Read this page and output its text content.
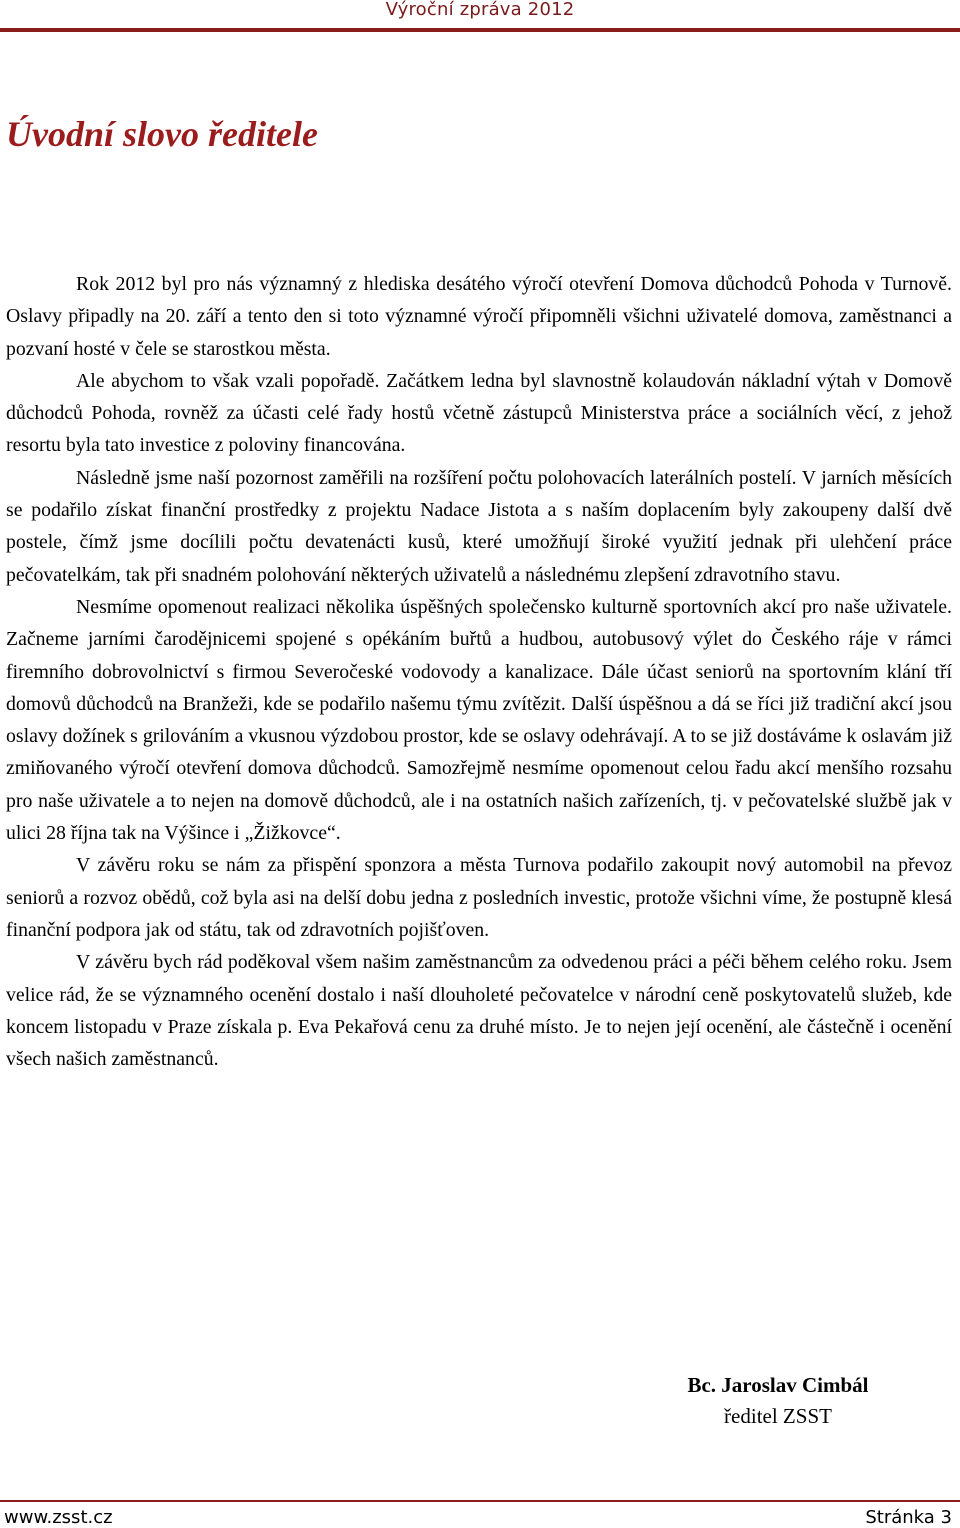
Výroční zpráva 2012
Úvodní slovo ředitele

Rok 2012 byl pro nás významný z hlediska desátého výročí otevření Domova důchodců Pohoda v Turnově. Oslavy připadly na 20. září a tento den si toto významné výročí připomněli všichni uživatelé domova, zaměstnanci a pozvaní hosté v čele se starostkou města.

Ale abychom to však vzali popořadě. Začátkem ledna byl slavnostně kolaudován nákladní výtah v Domově důchodců Pohoda, rovněž za účasti celé řady hostů včetně zástupců Ministerstva práce a sociálních věcí, z jehož resortu byla tato investice z poloviny financována.

Následně jsme naší pozornost zaměřili na rozšíření počtu polohovacích laterálních postelí. V jarních měsících se podařilo získat finanční prostředky z projektu Nadace Jistota a s naším doplacením byly zakoupeny další dvě postele, čímž jsme docílili počtu devatenácti kusů, které umožňují široké využití jednak při ulehčení práce pečovatelkám, tak při snadném polohování některých uživatelů a následnému zlepšení zdravotního stavu.

Nesmíme opomenout realizaci několika úspěšných společensko kulturně sportovních akcí pro naše uživatele. Začneme jarními čarodějnicemi spojené s opékáním buřtů a hudbou, autobusový výlet do Českého ráje v rámci firemního dobrovolnictví s firmou Severočeské vodovody a kanalizace. Dále účast seniorů na sportovním klání tří domovů důchodců na Branžeži, kde se podařilo našemu týmu zvítězit. Další úspěšnou a dá se říci již tradiční akcí jsou oslavy dožínek s grilováním a vkusnou výzdobou prostor, kde se oslavy odehrávají. A to se již dostáváme k oslavám již zmiňovaného výročí otevření domova důchodců. Samozřejmě nesmíme opomenout celou řadu akcí menšího rozsahu pro naše uživatele a to nejen na domově důchodců, ale i na ostatních našich zařízeních, tj. v pečovatelské službě jak v ulici 28 října tak na Výšince i „Žižkovce“.

V závěru roku se nám za přispění sponzora a města Turnova podařilo zakoupit nový automobil na převoz seniorů a rozvoz obědů, což byla asi na delší dobu jedna z posledních investic, protože všichni víme, že postupně klesá finanční podpora jak od státu, tak od zdravotních pojišťoven.

V závěru bych rád poděkoval všem našim zaměstnancům za odvedenou práci a péči během celého roku. Jsem velice rád, že se významného ocenění dostalo i naší dlouholeté pečovatelce v národní ceně poskytovatelů služeb, kde koncem listopadu v Praze získala p. Eva Pekařová cenu za druhé místo. Je to nejen její ocenění, ale částečně i ocenění všech našich zaměstnanců.

Bc. Jaroslav Cimbál
ředitel ZSST
www.zsst.cz	Stránka 3
